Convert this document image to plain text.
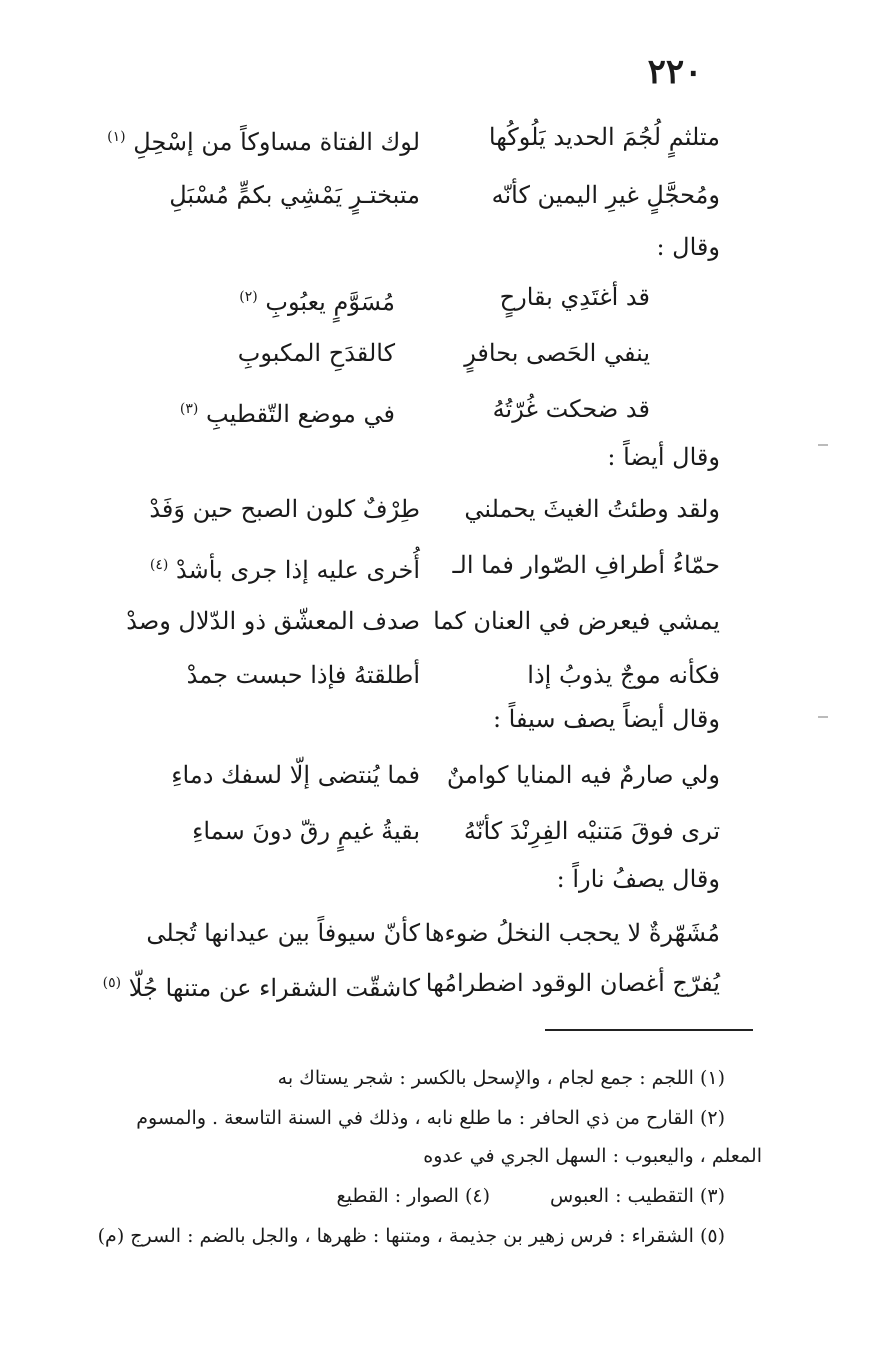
٢٢٠
متلثمٍ لُجُمَ الحديد يَلُوكُها
لوك الفتاة مساوكاً من إسْحِلِ $^{(١)}$
ومُحجَّلٍ غيرِ اليمين كأنّه
متبختـرٍ يَمْشِي بكمٍّ مُسْبَلِ
وقال :
قد أغتَدِي بقارحٍ
مُسَوَّمٍ يعبُوبِ $^{(٢)}$
ينفي الحَصى بحافرٍ
كالقدَحِ المكبوبِ
قد ضحكت غُرّتُهُ
في موضع التّقطيبِ $^{(٣)}$
وقال أيضاً :
ولقد وطئتُ الغيثَ يحملني
طِرْفٌ كلون الصبح حين وَفَدْ
حمّاءُ أطرافِ الصّوار فما الـ
أُخرى عليه إذا جرى بأشدْ $^{(٤)}$
يمشي فيعرض في العنان كما
صدف المعشّق ذو الدّلال وصدْ
فكأنه موجٌ يذوبُ إذا
أطلقتهُ فإذا حبست جمدْ
وقال أيضاً يصف سيفاً :
ولي صارمٌ فيه المنايا كوامنٌ
فما يُنتضى إلّا لسفك دماءِ
ترى فوقَ مَتنيْه الفِرِنْدَ كأنّهُ
بقيةُ غيمٍ رقّ دونَ سماءِ
وقال يصفُ ناراً :
مُشَهّرةٌ لا يحجب النخلُ ضوءها
كأنّ سيوفاً بين عيدانها تُجلى
يُفرّج أغصان الوقود اضطرامُها
كاشقّت الشقراء عن متنها جُلّا $^{(٥)}$
(١) اللجم : جمع لجام ، والإسحل بالكسر : شجر يستاك به
(٢) القارح من ذي الحافر : ما طلع نابه ، وذلك في السنة التاسعة . والمسوم
المعلم ، واليعبوب : السهل الجري في عدوه
(٣) التقطيب : العبوس(٤) الصوار : القطيع
(٥) الشقراء : فرس زهير بن جذيمة ، ومتنها : ظهرها ، والجل بالضم : السرج (م)
